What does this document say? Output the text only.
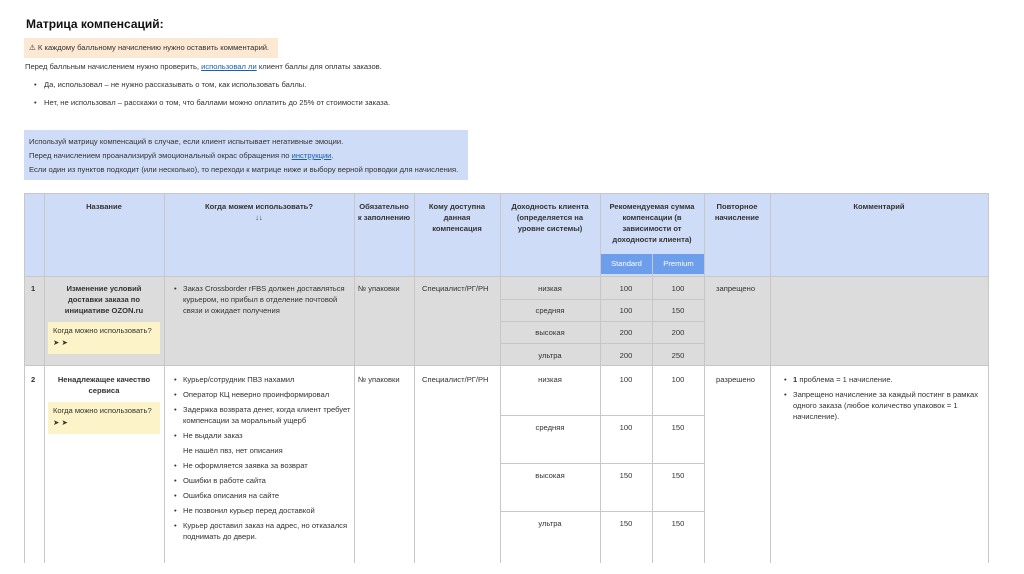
Матрица компенсаций:
⚠ К каждому балльному начислению нужно оставить комментарий.
Перед балльным начислением нужно проверить, использовал ли клиент баллы для оплаты заказов.
• Да, использовал – не нужно рассказывать о том, как использовать баллы.
• Нет, не использовал – расскажи о том, что баллами можно оплатить до 25% от стоимости заказа.
Используй матрицу компенсаций в случае, если клиент испытывает негативные эмоции.
Перед начислением проанализируй эмоциональный окрас обращения по инструкции.
Если один из пунктов подходит (или несколько), то переходи к матрице ниже и выбору верной проводки для начисления.
Название	Когда можем использовать?
↓↓
Обязательно к заполнению
Кому доступна данная компенсация
Доходность клиента (определяется на уровне системы)
Рекомендуемая сумма компенсации (в зависимости от доходности клиента)
Standard	Premium
Повторное начисление
Комментарий
1	Изменение условий доставки заказа по инициативе OZON.ru
Когда можно использовать?
➤ ➤
• Заказ Crossborder rFBS должен доставляться курьером, но прибыл в отделение почтовой связи и ожидает получения
№ упаковки	Специалист/РГ/РН	низкая	100	100
средняя	100	150
высокая	200	200
ультра	200	250
запрещено
2	Ненадлежащее качество сервиса
Когда можно использовать?
➤ ➤
• Курьер/сотрудник ПВЗ нахамил
• Оператор КЦ неверно проинформировал
• Задержка возврата денег, когда клиент требует компенсации за моральный ущерб
• Не выдали заказ
Не нашёл пвз, нет описания
• Не оформляется заявка за возврат
• Ошибки в работе сайта
• Ошибка описания на сайте
• Не позвонил курьер перед доставкой
• Курьер доставил заказ на адрес, но отказался поднимать до двери.
№ упаковки	Специалист/РГ/РН	низкая	100	100
средняя	100	150
высокая	150	150
ультра	150	150
разрешено
•	1 проблема = 1 начисление.
• Запрещено начисление за каждый постинг в рамках одного заказа (любое количество упаковок = 1 начисление).
